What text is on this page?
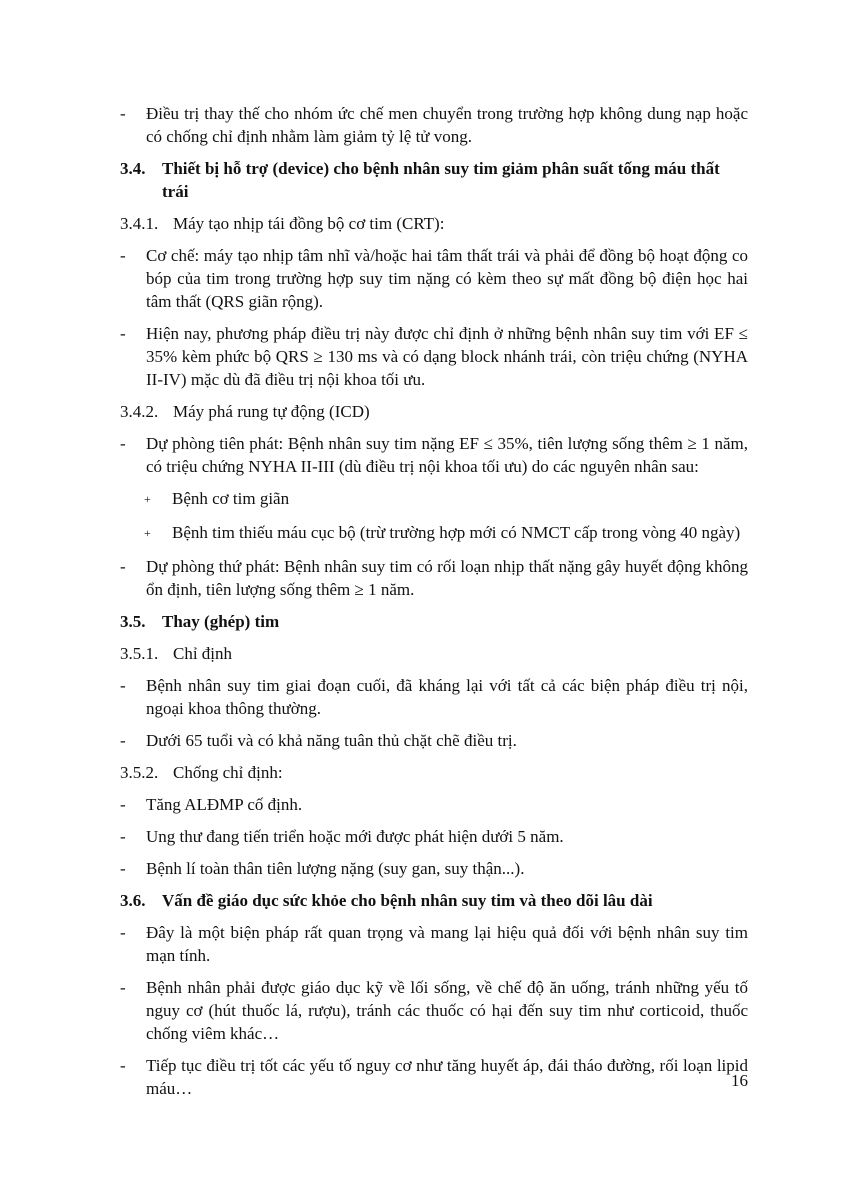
-	Điều trị thay thế cho nhóm ức chế men chuyển trong trường hợp không dung nạp hoặc có chống chỉ định nhằm làm giảm tỷ lệ tử vong.
3.4. Thiết bị hỗ trợ (device) cho bệnh nhân suy tim giảm phân suất tống máu thất trái
3.4.1. Máy tạo nhịp tái đồng bộ cơ tim (CRT):
-	Cơ chế: máy tạo nhịp tâm nhĩ và/hoặc hai tâm thất trái và phải để đồng bộ hoạt động co bóp của tim trong trường hợp suy tim nặng có kèm theo sự mất đồng bộ điện học hai tâm thất (QRS giãn rộng).
-	Hiện nay, phương pháp điều trị này được chỉ định ở những bệnh nhân suy tim với EF ≤ 35% kèm phức bộ QRS ≥ 130 ms và có dạng block nhánh trái, còn triệu chứng (NYHA II-IV) mặc dù đã điều trị nội khoa tối ưu.
3.4.2. Máy phá rung tự động (ICD)
-	Dự phòng tiên phát: Bệnh nhân suy tim nặng EF ≤ 35%, tiên lượng sống thêm ≥ 1 năm, có triệu chứng NYHA II-III (dù điều trị nội khoa tối ưu) do các nguyên nhân sau:
+	Bệnh cơ tim giãn
+	Bệnh tim thiếu máu cục bộ (trừ trường hợp mới có NMCT cấp trong vòng 40 ngày)
-	Dự phòng thứ phát: Bệnh nhân suy tim có rối loạn nhịp thất nặng gây huyết động không ổn định, tiên lượng sống thêm ≥ 1 năm.
3.5. Thay (ghép) tim
3.5.1. Chỉ định
-	Bệnh nhân suy tim giai đoạn cuối, đã kháng lại với tất cả các biện pháp điều trị nội, ngoại khoa thông thường.
-	Dưới 65 tuổi và có khả năng tuân thủ chặt chẽ điều trị.
3.5.2. Chống chỉ định:
-	Tăng ALĐMP cố định.
-	Ung thư đang tiến triển hoặc mới được phát hiện dưới 5 năm.
-	Bệnh lí toàn thân tiên lượng nặng (suy gan, suy thận...).
3.6. Vấn đề giáo dục sức khỏe cho bệnh nhân suy tim và theo dõi lâu dài
-	Đây là một biện pháp rất quan trọng và mang lại hiệu quả đối với bệnh nhân suy tim mạn tính.
-	Bệnh nhân phải được giáo dục kỹ về lối sống, về chế độ ăn uống, tránh những yếu tố nguy cơ (hút thuốc lá, rượu), tránh các thuốc có hại đến suy tim như corticoid, thuốc chống viêm khác…
-	Tiếp tục điều trị tốt các yếu tố nguy cơ như tăng huyết áp, đái tháo đường, rối loạn lipid máu…	16
